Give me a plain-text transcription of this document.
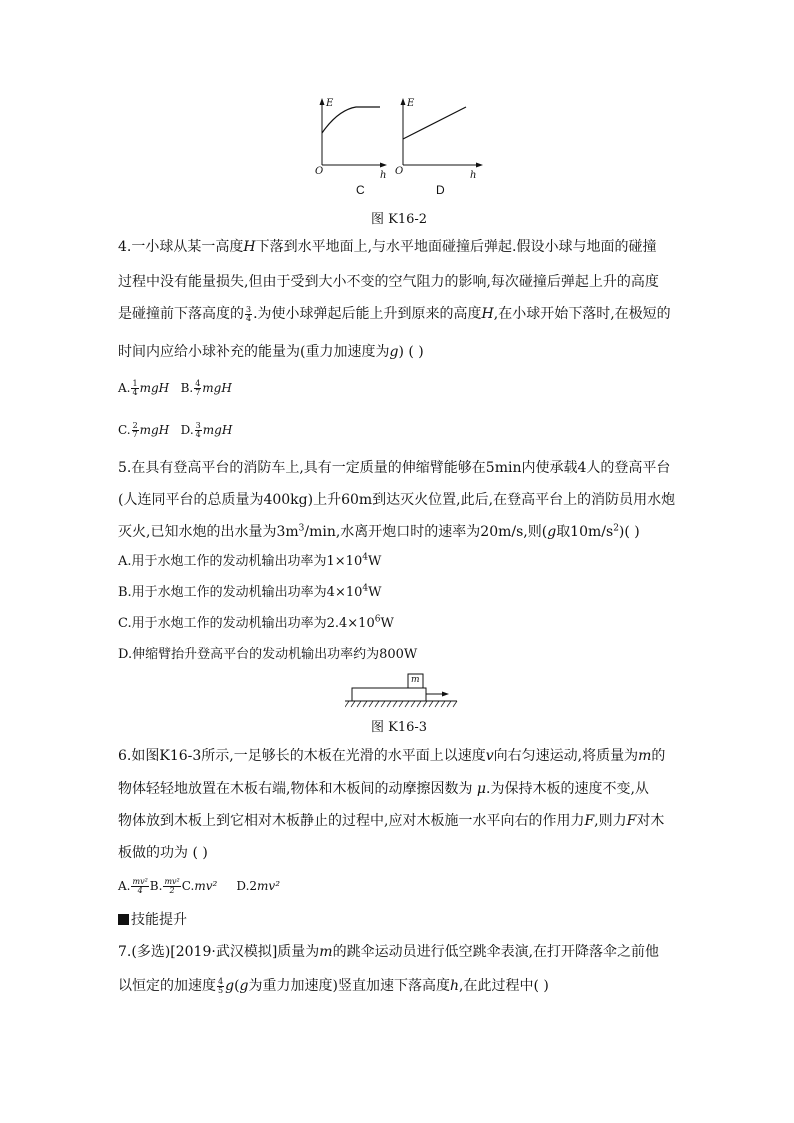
E
O	h
C
E
O	h
D
图 K16-2
4.一小球从某一高度H下落到水平地面上,与水平地面碰撞后弹起.假设小球与地面的碰撞
过程中没有能量损失,但由于受到大小不变的空气阻力的影响,每次碰撞后弹起上升的高度
是碰撞前下落高度的 $\frac{3}{4}$ .为使小球弹起后能上升到原来的高度H,在小球开始下落时,在极短的
时间内应给小球补充的能量为(重力加速度为g) ( )
A. $\frac{1}{4}$ mgH B. $\frac{4}{7}$ mgH
C. $\frac{2}{7}$ mgH D. $\frac{3}{4}$ mgH
5.在具有登高平台的消防车上,具有一定质量的伸缩臂能够在5min内使承载4人的登高平台
(人连同平台的总质量为400kg)上升60m到达灭火位置,此后,在登高平台上的消防员用水炮
灭火,已知水炮的出水量为$3m^3/\min$,水离开炮口时的速率为20m/s,则(g取$10m/s^2$)( )
A.用于水炮工作的发动机输出功率为$1\times 10^4W$
B.用于水炮工作的发动机输出功率为$4\times 10^4W$
C.用于水炮工作的发动机输出功率为$2.4\times 10^6W$
D.伸缩臂抬升登高平台的发动机输出功率约为800W
m
图 K16-3
6.如图K16-3所示,一足够长的木板在光滑的水平面上以速度v向右匀速运动,将质量为m的
物体轻轻地放置在木板右端,物体和木板间的动摩擦因数为 μ.为保持木板的速度不变,从
物体放到木板上到它相对木板静止的过程中,应对木板施一水平向右的作用力F,则力F对木
板做的功为 ( )
A. $\frac{\text{mv²}}{4} B$. $\frac{\text{mv²}}{2} C.mv^2$ D.2mv²
技能提升
7.(多选)[2019·武汉模拟]质量为m的跳伞运动员进行低空跳伞表演,在打开降落伞之前他
以恒定的加速度 $\frac{4}{5} g(g$为重力加速度)竖直加速下落高度h,在此过程中( )
